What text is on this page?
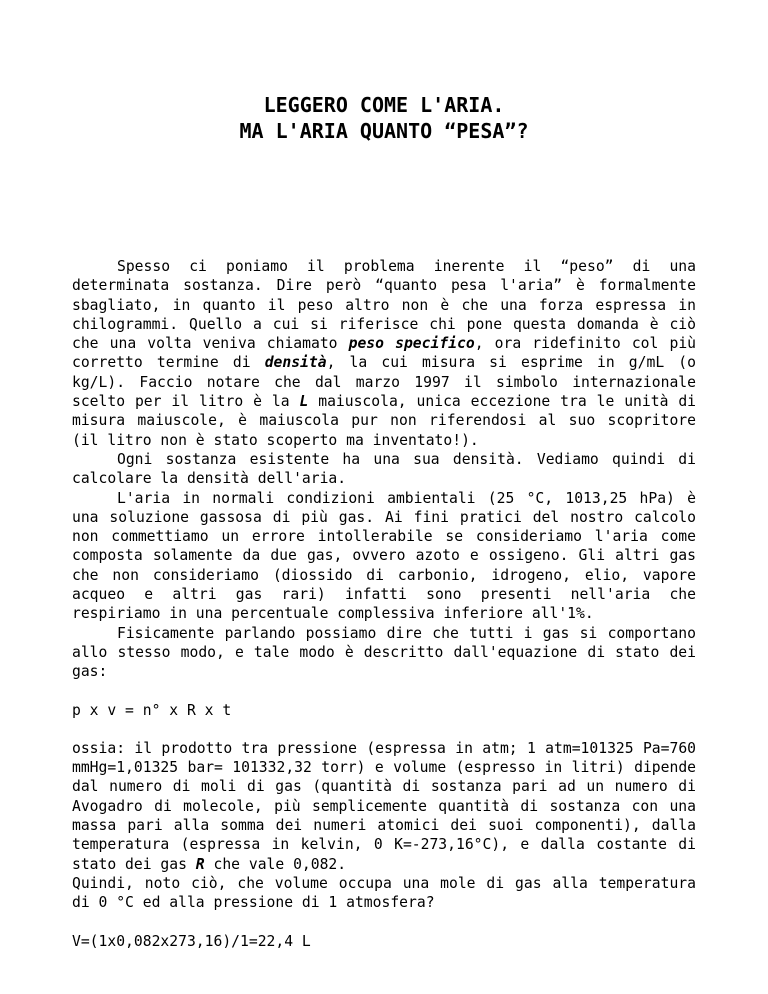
LEGGERO COME L'ARIA.
MA L'ARIA QUANTO “PESA”?

Spesso ci poniamo il problema inerente il “peso” di una determinata sostanza. Dire però “quanto pesa l'aria” è formalmente sbagliato, in quanto il peso altro non è che una forza espressa in chilogrammi. Quello a cui si riferisce chi pone questa domanda è ciò che una volta veniva chiamato peso specifico, ora ridefinito col più corretto termine di densità, la cui misura si esprime in g/mL (o kg/L). Faccio notare che dal marzo 1997 il simbolo internazionale scelto per il litro è la L maiuscola, unica eccezione tra le unità di misura maiuscole, è maiuscola pur non riferendosi al suo scopritore (il litro non è stato scoperto ma inventato!).

Ogni sostanza esistente ha una sua densità. Vediamo quindi di calcolare la densità dell'aria.

L'aria in normali condizioni ambientali (25 °C, 1013,25 hPa) è una soluzione gassosa di più gas. Ai fini pratici del nostro calcolo non commettiamo un errore intollerabile se consideriamo l'aria come composta solamente da due gas, ovvero azoto e ossigeno. Gli altri gas che non consideriamo (diossido di carbonio, idrogeno, elio, vapore acqueo e altri gas rari) infatti sono presenti nell'aria che respiriamo in una percentuale complessiva inferiore all'1%.

Fisicamente parlando possiamo dire che tutti i gas si comportano allo stesso modo, e tale modo è descritto dall'equazione di stato dei gas:

p x v = n° x R x t

ossia: il prodotto tra pressione (espressa in atm; 1 atm=101325 Pa=760 mmHg=1,01325 bar= 101332,32 torr) e volume (espresso in litri) dipende dal numero di moli di gas (quantità di sostanza pari ad un numero di Avogadro di molecole, più semplicemente quantità di sostanza con una massa pari alla somma dei numeri atomici dei suoi componenti), dalla temperatura (espressa in kelvin, 0 K=-273,16°C), e dalla costante di stato dei gas R che vale 0,082.

Quindi, noto ciò, che volume occupa una mole di gas alla temperatura di 0 °C ed alla pressione di 1 atmosfera?

V=(1x0,082x273,16)/1=22,4 L
